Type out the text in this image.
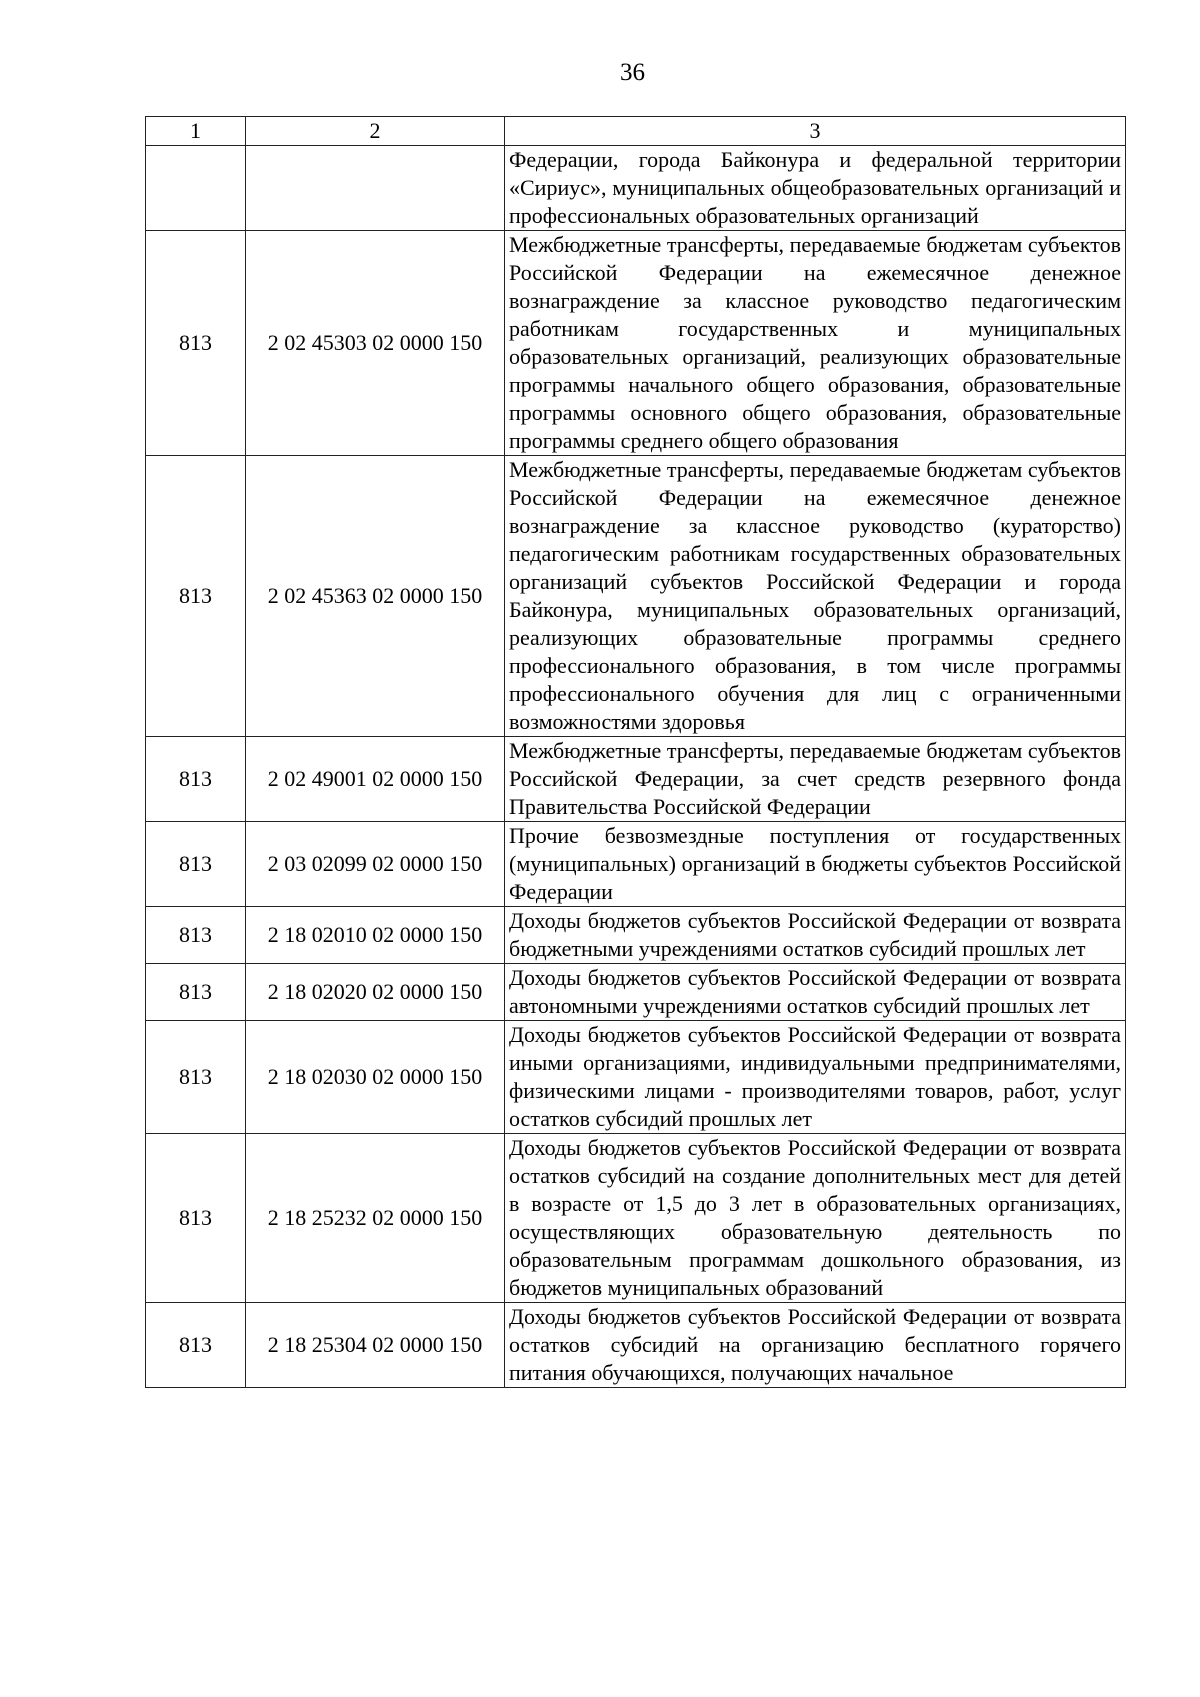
36
1	2	3
		Федерации, города Байконура и федеральной территории «Сириус», муниципальных общеобразовательных организаций и профессиональных образовательных организаций
813	2 02 45303 02 0000 150	Межбюджетные трансферты, передаваемые бюджетам субъектов Российской Федерации на ежемесячное денежное вознаграждение за классное руководство педагогическим работникам государственных и муниципальных образовательных организаций, реализующих образовательные программы начального общего образования, образовательные программы основного общего образования, образовательные программы среднего общего образования
813	2 02 45363 02 0000 150	Межбюджетные трансферты, передаваемые бюджетам субъектов Российской Федерации на ежемесячное денежное вознаграждение за классное руководство (кураторство) педагогическим работникам государственных образовательных организаций субъектов Российской Федерации и города Байконура, муниципальных образовательных организаций, реализующих образовательные программы среднего профессионального образования, в том числе программы профессионального обучения для лиц с ограниченными возможностями здоровья
813	2 02 49001 02 0000 150	Межбюджетные трансферты, передаваемые бюджетам субъектов Российской Федерации, за счет средств резервного фонда Правительства Российской Федерации
813	2 03 02099 02 0000 150	Прочие безвозмездные поступления от государственных (муниципальных) организаций в бюджеты субъектов Российской Федерации
813	2 18 02010 02 0000 150	Доходы бюджетов субъектов Российской Федерации от возврата бюджетными учреждениями остатков субсидий прошлых лет
813	2 18 02020 02 0000 150	Доходы бюджетов субъектов Российской Федерации от возврата автономными учреждениями остатков субсидий прошлых лет
813	2 18 02030 02 0000 150	Доходы бюджетов субъектов Российской Федерации от возврата иными организациями, индивидуальными предпринимателями, физическими лицами - производителями товаров, работ, услуг остатков субсидий прошлых лет
813	2 18 25232 02 0000 150	Доходы бюджетов субъектов Российской Федерации от возврата остатков субсидий на создание дополнительных мест для детей в возрасте от 1,5 до 3 лет в образовательных организациях, осуществляющих образовательную деятельность по образовательным программам дошкольного образования, из бюджетов муниципальных образований
813	2 18 25304 02 0000 150	Доходы бюджетов субъектов Российской Федерации от возврата остатков субсидий на организацию бесплатного горячего питания обучающихся, получающих начальное
